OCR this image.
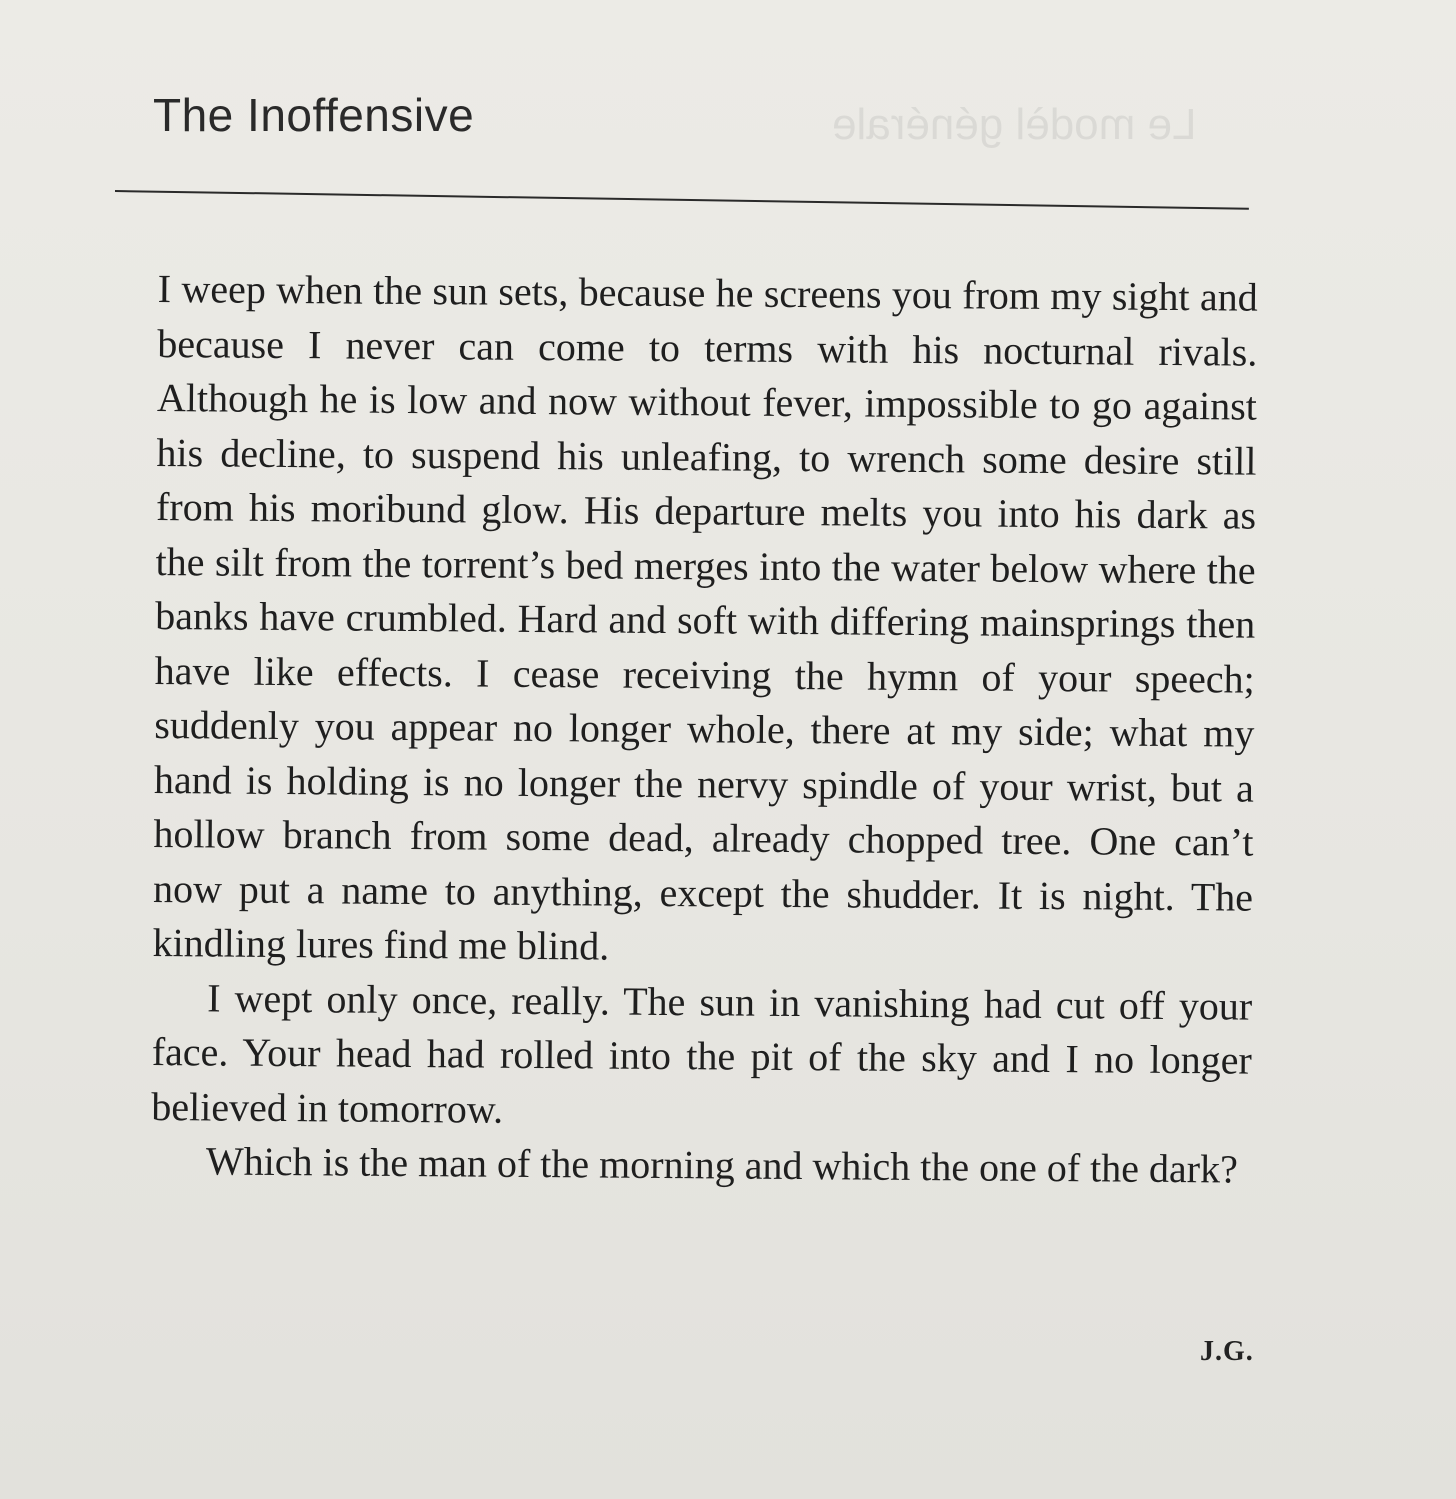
Le modèl générale
The Inoffensive

I weep when the sun sets, because he screens you from my sight and because I never can come to terms with his nocturnal rivals. Although he is low and now without fever, impossible to go against his decline, to suspend his unleafing, to wrench some desire still from his moribund glow. His departure melts you into his dark as the silt from the torrent’s bed merges into the water below where the banks have crumbled. Hard and soft with differing mainsprings then have like effects. I cease receiving the hymn of your speech; suddenly you appear no longer whole, there at my side; what my hand is holding is no longer the nervy spindle of your wrist, but a hollow branch from some dead, already chopped tree. One can’t now put a name to anything, except the shudder. It is night. The kindling lures find me blind.

I wept only once, really. The sun in vanishing had cut off your face. Your head had rolled into the pit of the sky and I no longer believed in tomorrow.

Which is the man of the morning and which the one of the dark?

J.G.
